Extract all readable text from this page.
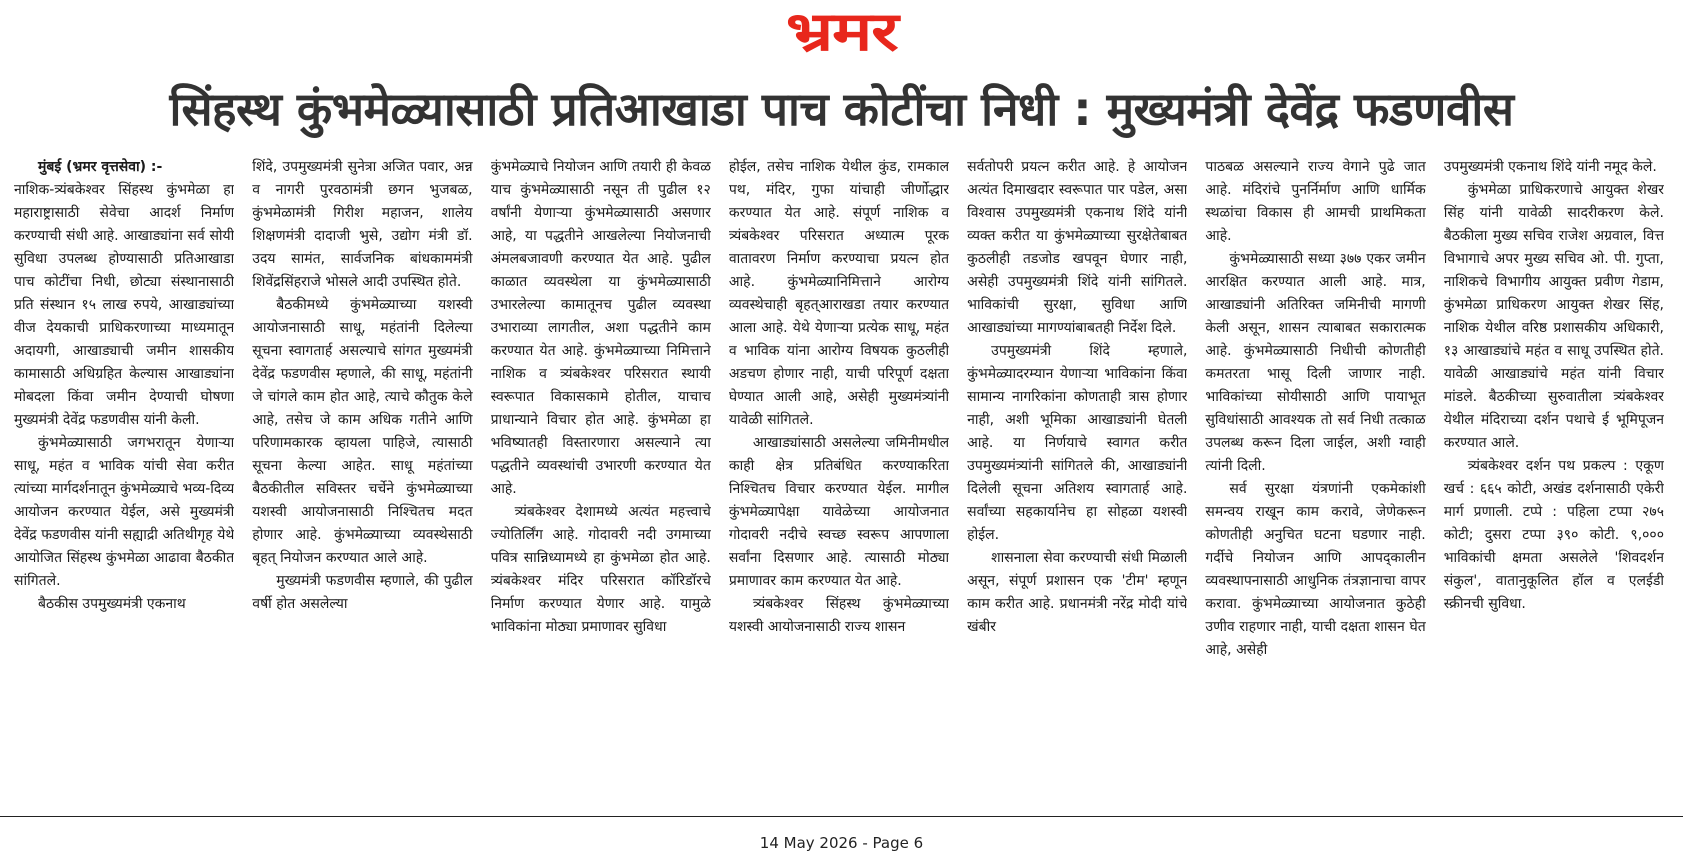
भ्रमर
सिंहस्थ कुंभमेळ्यासाठी प्रतिआखाडा पाच कोटींचा निधी : मुख्यमंत्री देवेंद्र फडणवीस

मुंबई (भ्रमर वृत्तसेवा) :-
नाशिक-त्र्यंबकेश्वर सिंहस्थ कुंभमेळा हा महाराष्ट्रासाठी सेवेचा आदर्श निर्माण करण्याची संधी आहे. आखाड्यांना सर्व सोयी सुविधा उपलब्ध होण्यासाठी प्रतिआखाडा पाच कोटींचा निधी, छोट्या संस्थानासाठी प्रति संस्थान १५ लाख रुपये, आखाड्यांच्या वीज देयकाची प्राधिकरणाच्या माध्यमातून अदायगी, आखाड्याची जमीन शासकीय कामासाठी अधिग्रहित केल्यास आखाड्यांना मोबदला किंवा जमीन देण्याची घोषणा मुख्यमंत्री देवेंद्र फडणवीस यांनी केली.

कुंभमेळ्यासाठी जगभरातून येणाऱ्या साधू, महंत व भाविक यांची सेवा करीत त्यांच्या मार्गदर्शनातून कुंभमेळ्याचे भव्य-दिव्य आयोजन करण्यात येईल, असे मुख्यमंत्री देवेंद्र फडणवीस यांनी सह्याद्री अतिथीगृह येथे आयोजित सिंहस्थ कुंभमेळा आढावा बैठकीत सांगितले.

बैठकीस उपमुख्यमंत्री एकनाथ

शिंदे, उपमुख्यमंत्री सुनेत्रा अजित पवार, अन्न व नागरी पुरवठामंत्री छगन भुजबळ, कुंभमेळामंत्री गिरीश महाजन, शालेय शिक्षणमंत्री दादाजी भुसे, उद्योग मंत्री डॉ. उदय सामंत, सार्वजनिक बांधकाममंत्री शिवेंद्रसिंहराजे भोसले आदी उपस्थित होते.

बैठकीमध्ये कुंभमेळ्याच्या यशस्वी आयोजनासाठी साधू, महंतांनी दिलेल्या सूचना स्वागतार्ह असल्याचे सांगत मुख्यमंत्री देवेंद्र फडणवीस म्हणाले, की साधू, महंतांनी जे चांगले काम होत आहे, त्याचे कौतुक केले आहे, तसेच जे काम अधिक गतीने आणि परिणामकारक व्हायला पाहिजे, त्यासाठी सूचना केल्या आहेत. साधू महंतांच्या बैठकीतील सविस्तर चर्चेने कुंभमेळ्याच्या यशस्वी आयोजनासाठी निश्चितच मदत होणार आहे. कुंभमेळ्याच्या व्यवस्थेसाठी बृहत् नियोजन करण्यात आले आहे.

मुख्यमंत्री फडणवीस म्हणाले, की पुढील वर्षी होत असलेल्या

कुंभमेळ्याचे नियोजन आणि तयारी ही केवळ याच कुंभमेळ्यासाठी नसून ती पुढील १२ वर्षांनी येणाऱ्या कुंभमेळ्यासाठी असणार आहे, या पद्धतीने आखलेल्या नियोजनाची अंमलबजावणी करण्यात येत आहे. पुढील काळात व्यवस्थेला या कुंभमेळ्यासाठी उभारलेल्या कामातूनच पुढील व्यवस्था उभाराव्या लागतील, अशा पद्धतीने काम करण्यात येत आहे. कुंभमेळ्याच्या निमित्ताने नाशिक व त्र्यंबकेश्वर परिसरात स्थायी स्वरूपात विकासकामे होतील, याचाच प्राधान्याने विचार होत आहे. कुंभमेळा हा भविष्यातही विस्तारणारा असल्याने त्या पद्धतीने व्यवस्थांची उभारणी करण्यात येत आहे.

त्र्यंबकेश्वर देशामध्ये अत्यंत महत्त्वाचे ज्योतिर्लिंग आहे. गोदावरी नदी उगमाच्या पवित्र सान्निध्यामध्ये हा कुंभमेळा होत आहे. त्र्यंबकेश्वर मंदिर परिसरात कॉरिडॉरचे निर्माण करण्यात येणार आहे. यामुळे भाविकांना मोठ्या प्रमाणावर सुविधा

होईल, तसेच नाशिक येथील कुंड, रामकाल पथ, मंदिर, गुफा यांचाही जीर्णोद्धार करण्यात येत आहे. संपूर्ण नाशिक व त्र्यंबकेश्वर परिसरात अध्यात्म पूरक वातावरण निर्माण करण्याचा प्रयत्न होत आहे. कुंभमेळ्यानिमित्ताने आरोग्य व्यवस्थेचाही बृहत्आराखडा तयार करण्यात आला आहे. येथे येणाऱ्या प्रत्येक साधू, महंत व भाविक यांना आरोग्य विषयक कुठलीही अडचण होणार नाही, याची परिपूर्ण दक्षता घेण्यात आली आहे, असेही मुख्यमंत्र्यांनी यावेळी सांगितले.

आखाड्यांसाठी असलेल्या जमिनीमधील काही क्षेत्र प्रतिबंधित करण्याकरिता निश्चितच विचार करण्यात येईल. मागील कुंभमेळ्यापेक्षा यावेळेच्या आयोजनात गोदावरी नदीचे स्वच्छ स्वरूप आपणाला सर्वांना दिसणार आहे. त्यासाठी मोठ्या प्रमाणावर काम करण्यात येत आहे.

त्र्यंबकेश्वर सिंहस्थ कुंभमेळ्याच्या यशस्वी आयोजनासाठी राज्य शासन

सर्वतोपरी प्रयत्न करीत आहे. हे आयोजन अत्यंत दिमाखदार स्वरूपात पार पडेल, असा विश्वास उपमुख्यमंत्री एकनाथ शिंदे यांनी व्यक्त करीत या कुंभमेळ्याच्या सुरक्षेतेबाबत कुठलीही तडजोड खपवून घेणार नाही, असेही उपमुख्यमंत्री शिंदे यांनी सांगितले. भाविकांची सुरक्षा, सुविधा आणि आखाड्यांच्या मागण्यांबाबतही निर्देश दिले.

उपमुख्यमंत्री शिंदे म्हणाले, कुंभमेळ्यादरम्यान येणाऱ्या भाविकांना किंवा सामान्य नागरिकांना कोणताही त्रास होणार नाही, अशी भूमिका आखाड्यांनी घेतली आहे. या निर्णयाचे स्वागत करीत उपमुख्यमंत्र्यांनी सांगितले की, आखाड्यांनी दिलेली सूचना अतिशय स्वागतार्ह आहे. सर्वांच्या सहकार्यानेच हा सोहळा यशस्वी होईल.

शासनाला सेवा करण्याची संधी मिळाली असून, संपूर्ण प्रशासन एक 'टीम' म्हणून काम करीत आहे. प्रधानमंत्री नरेंद्र मोदी यांचे खंबीर

पाठबळ असल्याने राज्य वेगाने पुढे जात आहे. मंदिरांचे पुनर्निर्माण आणि धार्मिक स्थळांचा विकास ही आमची प्राथमिकता आहे.

कुंभमेळ्यासाठी सध्या ३७७ एकर जमीन आरक्षित करण्यात आली आहे. मात्र, आखाड्यांनी अतिरिक्त जमिनीची मागणी केली असून, शासन त्याबाबत सकारात्मक आहे. कुंभमेळ्यासाठी निधीची कोणतीही कमतरता भासू दिली जाणार नाही. भाविकांच्या सोयीसाठी आणि पायाभूत सुविधांसाठी आवश्यक तो सर्व निधी तत्काळ उपलब्ध करून दिला जाईल, अशी ग्वाही त्यांनी दिली.

सर्व सुरक्षा यंत्रणांनी एकमेकांशी समन्वय राखून काम करावे, जेणेकरून कोणतीही अनुचित घटना घडणार नाही. गर्दीचे नियोजन आणि आपद्कालीन व्यवस्थापनासाठी आधुनिक तंत्रज्ञानाचा वापर करावा. कुंभमेळ्याच्या आयोजनात कुठेही उणीव राहणार नाही, याची दक्षता शासन घेत आहे, असेही

उपमुख्यमंत्री एकनाथ शिंदे यांनी नमूद केले.

कुंभमेळा प्राधिकरणाचे आयुक्त शेखर सिंह यांनी यावेळी सादरीकरण केले. बैठकीला मुख्य सचिव राजेश अग्रवाल, वित्त विभागाचे अपर मुख्य सचिव ओ. पी. गुप्ता, नाशिकचे विभागीय आयुक्त प्रवीण गेडाम, कुंभमेळा प्राधिकरण आयुक्त शेखर सिंह, नाशिक येथील वरिष्ठ प्रशासकीय अधिकारी, १३ आखाड्यांचे महंत व साधू उपस्थित होते. यावेळी आखाड्यांचे महंत यांनी विचार मांडले. बैठकीच्या सुरुवातीला त्र्यंबकेश्वर येथील मंदिराच्या दर्शन पथाचे ई भूमिपूजन करण्यात आले.

त्र्यंबकेश्वर दर्शन पथ प्रकल्प : एकूण खर्च : ६६५ कोटी, अखंड दर्शनासाठी एकेरी मार्ग प्रणाली. टप्पे : पहिला टप्पा २७५ कोटी; दुसरा टप्पा ३९० कोटी. ९,००० भाविकांची क्षमता असलेले 'शिवदर्शन संकुल', वातानुकूलित हॉल व एलईडी स्क्रीनची सुविधा.

14 May 2026 - Page 6
